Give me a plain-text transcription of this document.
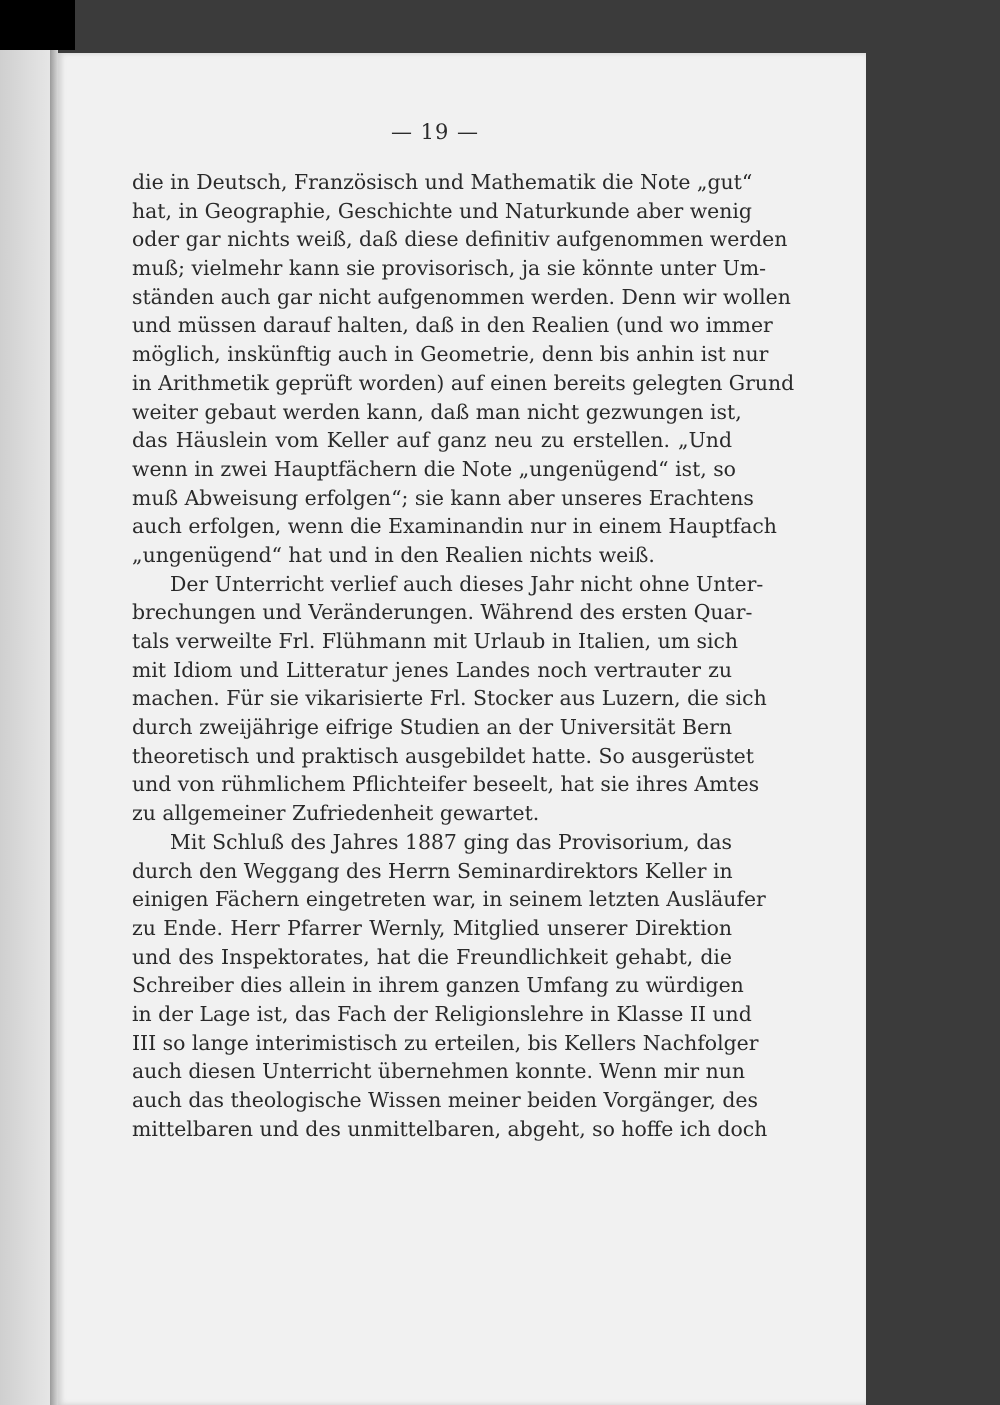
— 19 —
die in Deutsch, Französisch und Mathematik die Note „gut“
hat, in Geographie, Geschichte und Naturkunde aber wenig
oder gar nichts weiß, daß diese definitiv aufgenommen werden
muß; vielmehr kann sie provisorisch, ja sie könnte unter Um-
ständen auch gar nicht aufgenommen werden. Denn wir wollen
und müssen darauf halten, daß in den Realien (und wo immer
möglich, inskünftig auch in Geometrie, denn bis anhin ist nur
in Arithmetik geprüft worden) auf einen bereits gelegten Grund
weiter gebaut werden kann, daß man nicht gezwungen ist,
das Häuslein vom Keller auf ganz neu zu erstellen. „Und
wenn in zwei Hauptfächern die Note „ungenügend“ ist, so
muß Abweisung erfolgen“; sie kann aber unseres Erachtens
auch erfolgen, wenn die Examinandin nur in einem Hauptfach
„ungenügend“ hat und in den Realien nichts weiß.
Der Unterricht verlief auch dieses Jahr nicht ohne Unter-
brechungen und Veränderungen. Während des ersten Quar-
tals verweilte Frl. Flühmann mit Urlaub in Italien, um sich
mit Idiom und Litteratur jenes Landes noch vertrauter zu
machen. Für sie vikarisierte Frl. Stocker aus Luzern, die sich
durch zweijährige eifrige Studien an der Universität Bern
theoretisch und praktisch ausgebildet hatte. So ausgerüstet
und von rühmlichem Pflichteifer beseelt, hat sie ihres Amtes
zu allgemeiner Zufriedenheit gewartet.
Mit Schluß des Jahres 1887 ging das Provisorium, das
durch den Weggang des Herrn Seminardirektors Keller in
einigen Fächern eingetreten war, in seinem letzten Ausläufer
zu Ende. Herr Pfarrer Wernly, Mitglied unserer Direktion
und des Inspektorates, hat die Freundlichkeit gehabt, die
Schreiber dies allein in ihrem ganzen Umfang zu würdigen
in der Lage ist, das Fach der Religionslehre in Klasse II und
III so lange interimistisch zu erteilen, bis Kellers Nachfolger
auch diesen Unterricht übernehmen konnte. Wenn mir nun
auch das theologische Wissen meiner beiden Vorgänger, des
mittelbaren und des unmittelbaren, abgeht, so hoffe ich doch
